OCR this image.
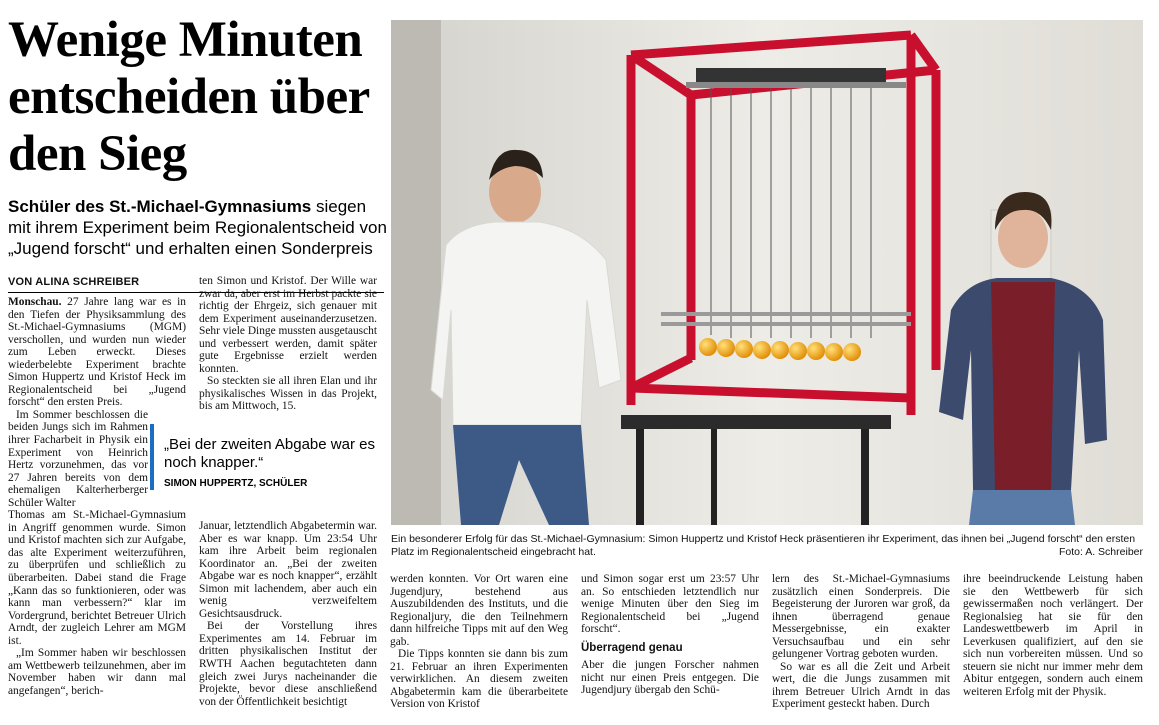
Wenige Minuten entscheiden über den Sieg

Schüler des St.-Michael-Gymnasiums siegen mit ihrem Experiment beim Regionalentscheid von „Jugend forscht“ und erhalten einen Sonderpreis

VON ALINA SCHREIBER

Monschau. 27 Jahre lang war es in den Tiefen der Physiksammlung des St.-Michael-Gymnasiums (MGM) verschollen, und wurden nun wieder zum Leben erweckt. Dieses wiederbelebte Experiment brachte Simon Huppertz und Kristof Heck im Regionalentscheid bei „Jugend forscht“ den ersten Preis.

Im Sommer beschlossen die beiden Jungs sich im Rahmen ihrer Facharbeit in Physik ein Experiment von Heinrich Hertz vorzunehmen, das vor 27 Jahren bereits von dem ehemaligen Kalterherberger Schüler Walter

Thomas am St.-Michael-Gymnasium in Angriff genommen wurde. Simon und Kristof machten sich zur Aufgabe, das alte Experiment weiterzuführen, zu überprüfen und schließlich zu überarbeiten. Dabei stand die Frage „Kann das so funktionieren, oder was kann man verbessern?“ klar im Vordergrund, berichtet Betreuer Ulrich Arndt, der zugleich Lehrer am MGM ist.

„Im Sommer haben wir beschlossen am Wettbewerb teilzunehmen, aber im November haben wir dann mal angefangen“, berich-

ten Simon und Kristof. Der Wille war zwar da, aber erst im Herbst packte sie richtig der Ehrgeiz, sich genauer mit dem Experiment auseinanderzusetzen. Sehr viele Dinge mussten ausgetauscht und verbessert werden, damit später gute Ergebnisse erzielt werden konnten.

So steckten sie all ihren Elan und ihr physikalisches Wissen in das Projekt, bis am Mittwoch, 15.

„Bei der zweiten Abgabe war es noch knapper.“

SIMON HUPPERTZ, SCHÜLER

Januar, letztendlich Abgabetermin war. Aber es war knapp. Um 23:54 Uhr kam ihre Arbeit beim regionalen Koordinator an. „Bei der zweiten Abgabe war es noch knapper“, erzählt Simon mit lachendem, aber auch ein wenig verzweifeltem Gesichtsausdruck.

Bei der Vorstellung ihres Experimentes am 14. Februar im dritten physikalischen Institut der RWTH Aachen begutachteten dann gleich zwei Jurys nacheinander die Projekte, bevor diese anschließend von der Öffentlichkeit besichtigt

Ein besonderer Erfolg für das St.-Michael-Gymnasium: Simon Huppertz und Kristof Heck präsentieren ihr Experiment, das ihnen bei „Jugend forscht“ den ersten Platz im Regionalentscheid eingebracht hat.	Foto: A. Schreiber

werden konnten. Vor Ort waren eine Jugendjury, bestehend aus Auszubildenden des Instituts, und die Regionaljury, die den Teilnehmern dann hilfreiche Tipps mit auf den Weg gab.

Die Tipps konnten sie dann bis zum 21. Februar an ihren Experimenten verwirklichen. An diesem zweiten Abgabetermin kam die überarbeitete Version von Kristof

und Simon sogar erst um 23:57 Uhr an. So entschieden letztendlich nur wenige Minuten über den Sieg im Regionalentscheid bei „Jugend forscht“.

Überragend genau

Aber die jungen Forscher nahmen nicht nur einen Preis entgegen. Die Jugendjury übergab den Schü-

lern des St.-Michael-Gymnasiums zusätzlich einen Sonderpreis. Die Begeisterung der Juroren war groß, da ihnen überragend genaue Messergebnisse, ein exakter Versuchsaufbau und ein sehr gelungener Vortrag geboten wurden.

So war es all die Zeit und Arbeit wert, die die Jungs zusammen mit ihrem Betreuer Ulrich Arndt in das Experiment gesteckt haben. Durch

ihre beeindruckende Leistung haben sie den Wettbewerb für sich gewissermaßen noch verlängert. Der Regionalsieg hat sie für den Landeswettbewerb im April in Leverkusen qualifiziert, auf den sie sich nun vorbereiten müssen. Und so steuern sie nicht nur immer mehr dem Abitur entgegen, sondern auch einem weiteren Erfolg mit der Physik.
